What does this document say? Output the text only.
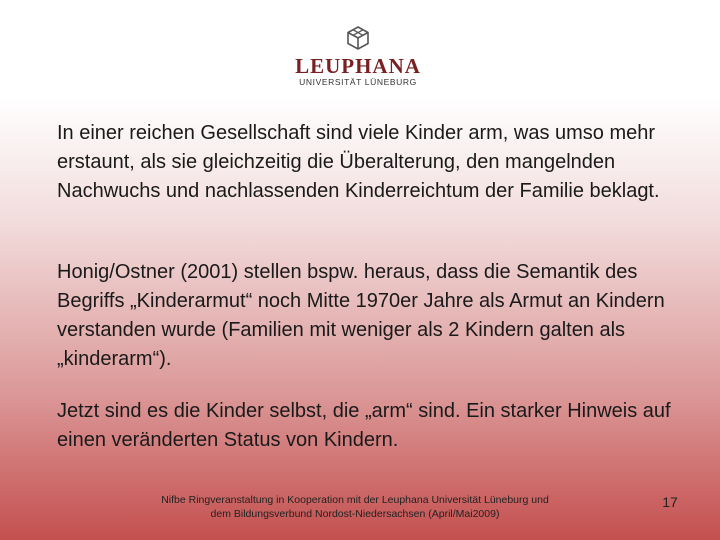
LEUPHANA
UNIVERSITÄT LÜNEBURG

In einer reichen Gesellschaft sind viele Kinder arm, was umso mehr erstaunt, als sie gleichzeitig die Überalterung, den mangelnden Nachwuchs und nachlassenden Kinderreichtum der Familie beklagt.

Honig/Ostner (2001) stellen bspw. heraus, dass die Semantik des Begriffs „Kinderarmut“ noch Mitte 1970er Jahre als Armut an Kindern verstanden wurde (Familien mit weniger als 2 Kindern galten als „kinderarm“).

Jetzt sind es die Kinder selbst, die „arm“ sind. Ein starker Hinweis auf einen veränderten Status von Kindern.

Nifbe Ringveranstaltung in Kooperation mit der Leuphana Universität Lüneburg und
dem Bildungsverbund Nordost-Niedersachsen (April/Mai2009)
17
